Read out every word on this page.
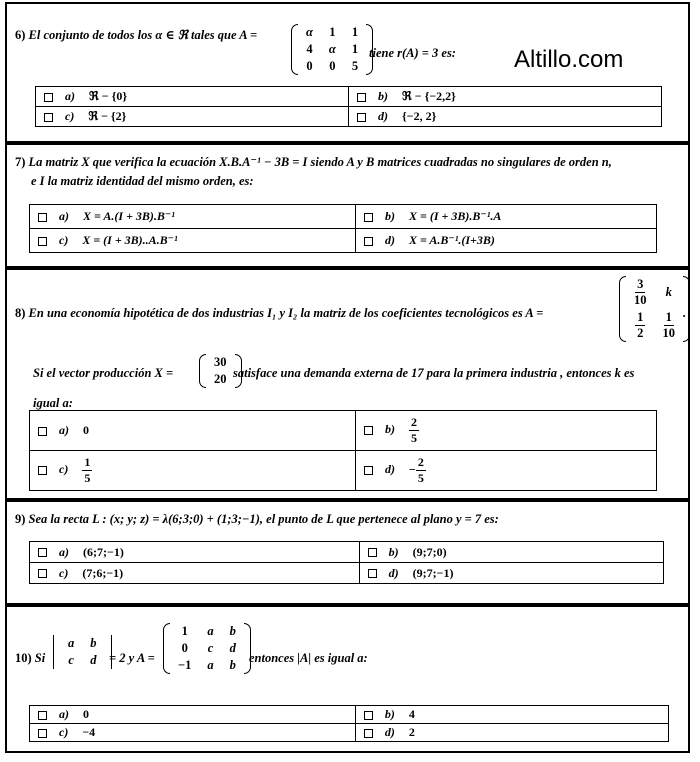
6) El conjunto de todos los α ∈ ℜ tales que A =	α	1	1
4	α	1
0	0	5
tiene r(A) = 3 es: Altillo.com
a) ℜ − {0}	b) ℜ − {−2,2}
c) ℜ − {2}	d) {−2, 2}
7) La matriz X que verifica la ecuación X.B.A⁻¹ − 3B = I siendo A y B matrices cuadradas no singulares de orden n,
e I la matriz identidad del mismo orden, es:
a) X = A.(I + 3B).B⁻¹	b) X = (I + 3B).B⁻¹.A
c) X = (I + 3B)..A.B⁻¹	d) X = A.B⁻¹.(I+3B)
8) En una economía hipotética de dos industrias I₁ y I₂ la matriz de los coeficientes tecnológicos es A =
$\frac{3}{10}$	k

$\frac{1}{2}$	$\frac{1}{10}$ .
Si el vector producción X =
30
20 satisface una demanda externa de 17 para la primera industria , entonces k es
igual a:
a) 0	$b) \frac{2}{5}$

$c) \frac{1}{5}$	$d) - \frac{2}{5}$
9) Sea la recta L : (x; y; z) = λ(6;3;0) + (1;3;−1), el punto de L que pertenece al plano y = 7 es:
a) (6;7;−1)	b) (9;7;0)
c) (7;6;−1)	d) (9;7;−1)
10) Si
a	b
c	d = 2 y A =
1	a	b
0	c	d
−1	a	b entonces |A| es igual a:
a) 0	b) 4
c) −4	d) 2
